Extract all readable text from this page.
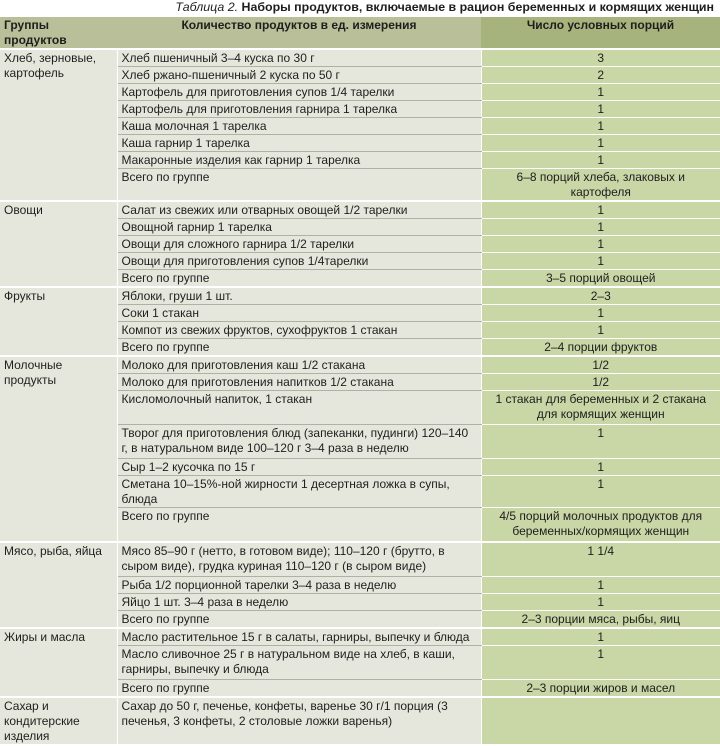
Таблица 2. Наборы продуктов, включаемые в рацион беременных и кормящих женщин
Группы продуктов	Количество продуктов в ед. измерения	Число условных порций
Хлеб, зерновые, картофель	Хлеб пшеничный 3–4 куска по 30 г	3
	Хлеб ржано-пшеничный 2 куска по 50 г	2
	Картофель для приготовления супов 1/4 тарелки	1
	Картофель для приготовления гарнира 1 тарелка	1
	Каша молочная 1 тарелка	1
	Каша гарнир 1 тарелка	1
	Макаронные изделия как гарнир 1 тарелка	1
	Всего по группе	6–8 порций хлеба, злаковых и картофеля
Овощи	Салат из свежих или отварных овощей 1/2 тарелки	1
	Овощной гарнир 1 тарелка	1
	Овощи для сложного гарнира 1/2 тарелки	1
	Овощи для приготовления супов 1/4тарелки	1
	Всего по группе	3–5 порций овощей
Фрукты	Яблоки, груши 1 шт.	2–3
	Соки 1 стакан	1
	Компот из свежих фруктов, сухофруктов 1 стакан	1
	Всего по группе	2–4 порции фруктов
Молочные продукты	Молоко для приготовления каш 1/2 стакана	1/2
	Молоко для приготовления напитков 1/2 стакана	1/2
	Кисломолочный напиток, 1 стакан	1 стакан для беременных и 2 стакана для кормящих женщин
	Творог для приготовления блюд (запеканки, пудинги) 120–140 г, в натуральном виде 100–120 г 3–4 раза в неделю	1
	Сыр 1–2 кусочка по 15 г	1
	Сметана 10–15%-ной жирности 1 десертная ложка в супы, блюда	1
	Всего по группе	4/5 порций молочных продуктов для беременных/кормящих женщин
Мясо, рыба, яйца	Мясо 85–90 г (нетто, в готовом виде); 110–120 г (брутто, в сыром виде), грудка куриная 110–120 г (в сыром виде)	1 1/4
	Рыба 1/2 порционной тарелки 3–4 раза в неделю	1
	Яйцо 1 шт. 3–4 раза в неделю	1
	Всего по группе	2–3 порции мяса, рыбы, яиц
Жиры и масла	Масло растительное 15 г в салаты, гарниры, выпечку и блюда	1
	Масло сливочное 25 г в натуральном виде на хлеб, в каши, гарниры, выпечку и блюда	1
	Всего по группе	2–3 порции жиров и масел
Сахар и кондитерские изделия	Сахар до 50 г, печенье, конфеты, варенье 30 г/1 порция (3 печенья, 3 конфеты, 2 столовые ложки варенья)	
